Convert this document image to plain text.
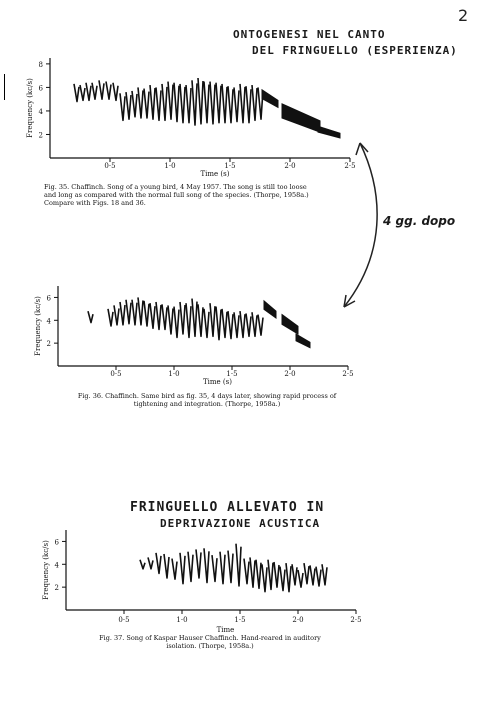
2
ONTOGENESI NEL CANTO
DEL FRINGUELLO (ESPERIENZA)
4 gg. dopo
FRINGUELLO ALLEVATO IN
DEPRIVAZIONE ACUSTICA
2
4
6
8
0·5	1·0	1·5	2·0	2·5
Time (s)
Frequency (kc/s)
Fig. 35. Chaffinch. Song of a young bird, 4 May 1957. The song is still too loose
and long as compared with the normal full song of the species. (Thorpe, 1958a.)
Compare with Figs. 18 and 36.
2
4
6
0·5	1·0	1·5	2·0	2·5
Time (s)
Frequency (kc/s)
Fig. 36. Chaffinch. Same bird as fig. 35, 4 days later, showing rapid process of
tightening and integration. (Thorpe, 1958a.)
2
4
6
0·5	1·0	1·5	2·0	2·5
Time
Frequency (kc/s)
Fig. 37. Song of Kaspar Hauser Chaffinch. Hand-reared in auditory
isolation. (Thorpe, 1958a.)
